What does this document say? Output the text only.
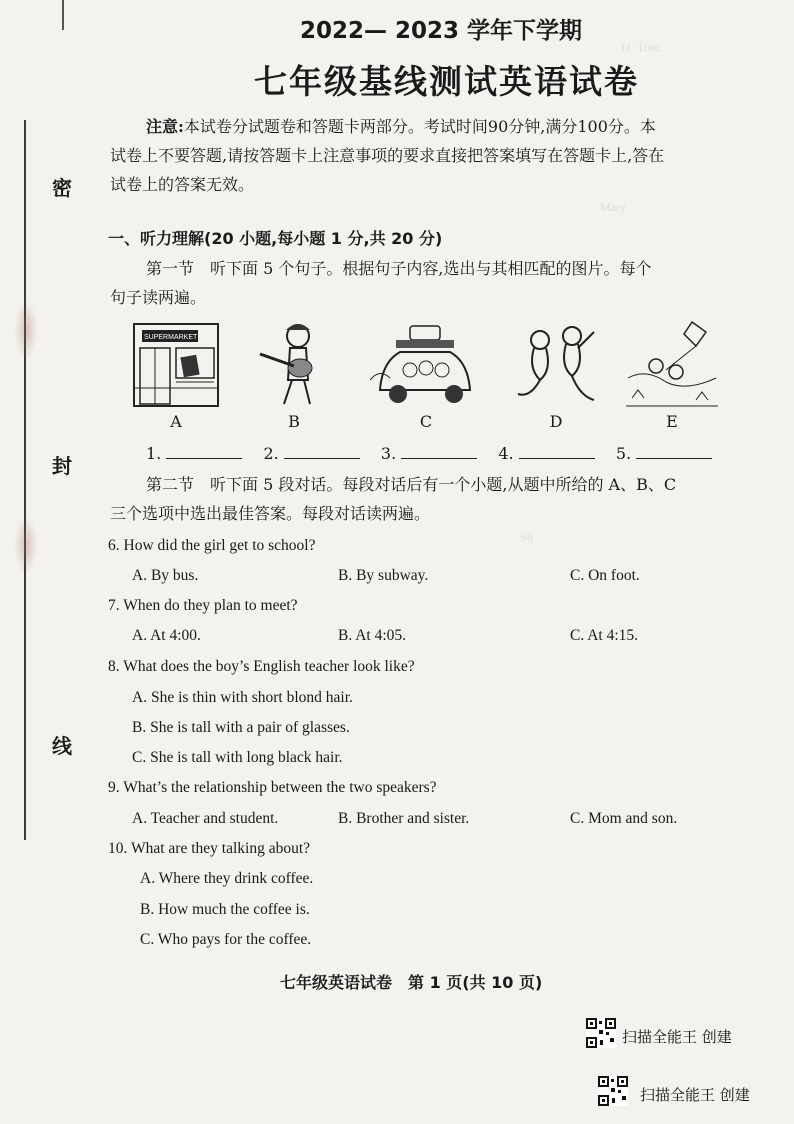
密
封
线
11. Tom.
Mary
Sh
2022— 2023 学年下学期
七年级基线测试英语试卷
注意:本试卷分试题卷和答题卡两部分。考试时间90分钟,满分100分。本
试卷上不要答题,请按答题卡上注意事项的要求直接把答案填写在答题卡上,答在
试卷上的答案无效。
一、听力理解(20 小题,每小题 1 分,共 20 分)
第一节　听下面 5 个句子。根据句子内容,选出与其相匹配的图片。每个
句子读两遍。
SUPERMARKET
A	B	C	D	E
1.	2.	3.	4.	5.
第二节　听下面 5 段对话。每段对话后有一个小题,从题中所给的 A、B、C
三个选项中选出最佳答案。每段对话读两遍。
6. How did the girl get to school?
A. By bus.	B. By subway.	C. On foot.
7. When do they plan to meet?
A. At 4:00.	B. At 4:05.	C. At 4:15.
8. What does the boy’s English teacher look like?
A. She is thin with short blond hair.
B. She is tall with a pair of glasses.
C. She is tall with long black hair.
9. What’s the relationship between the two speakers?
A. Teacher and student.	B. Brother and sister.	C. Mom and son.
10. What are they talking about?
A. Where they drink coffee.
B. How much the coffee is.
C. Who pays for the coffee.
七年级英语试卷　第 1 页(共 10 页)
扫描全能王 创建
扫描全能王 创建
